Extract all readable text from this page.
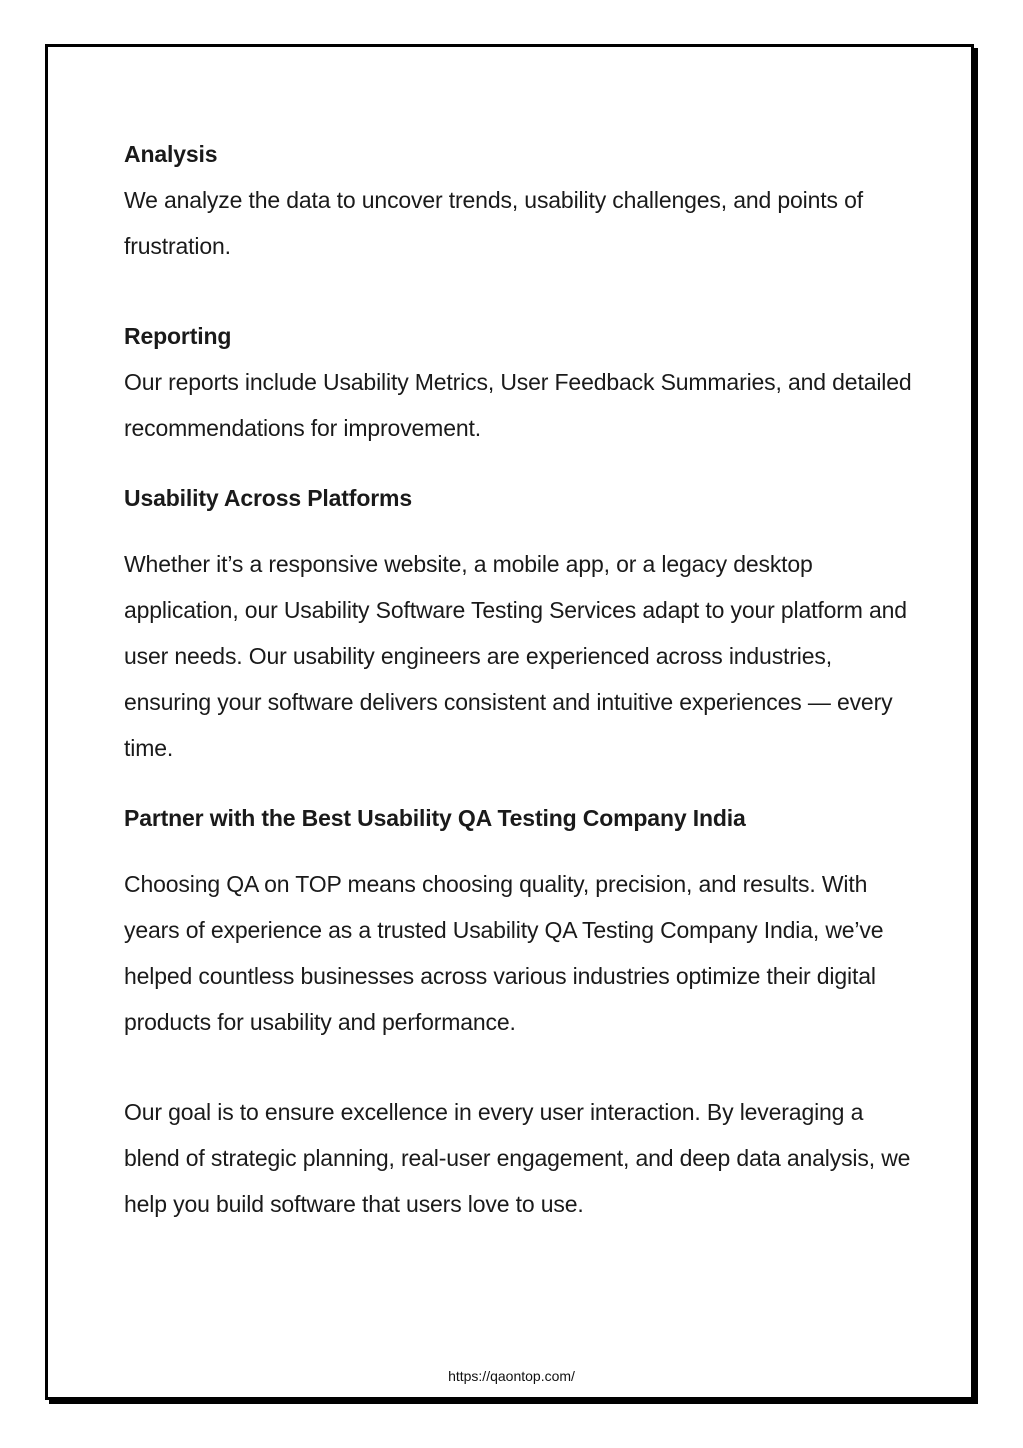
Analysis

We analyze the data to uncover trends, usability challenges, and points of frustration.

Reporting

Our reports include Usability Metrics, User Feedback Summaries, and detailed recommendations for improvement.

Usability Across Platforms

Whether it’s a responsive website, a mobile app, or a legacy desktop application, our Usability Software Testing Services adapt to your platform and user needs. Our usability engineers are experienced across industries, ensuring your software delivers consistent and intuitive experiences — every time.

Partner with the Best Usability QA Testing Company India

Choosing QA on TOP means choosing quality, precision, and results. With years of experience as a trusted Usability QA Testing Company India, we’ve helped countless businesses across various industries optimize their digital products for usability and performance.

Our goal is to ensure excellence in every user interaction. By leveraging a blend of strategic planning, real-user engagement, and deep data analysis, we help you build software that users love to use.

https://qaontop.com/
